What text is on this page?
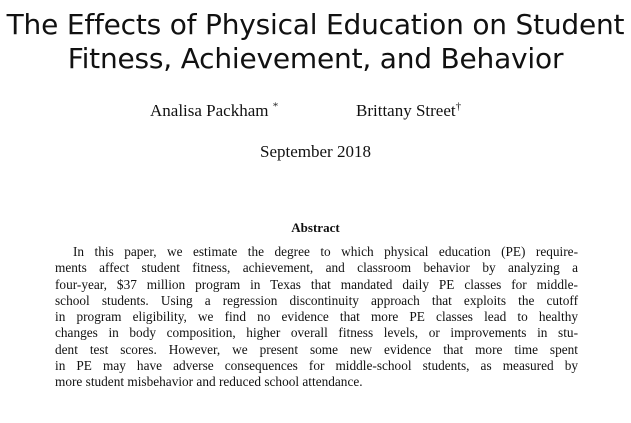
The Effects of Physical Education on Student
Fitness, Achievement, and Behavior
Analisa Packham *	Brittany Street†
September 2018
Abstract
In this paper, we estimate the degree to which physical education (PE) require-
ments affect student fitness, achievement, and classroom behavior by analyzing a
four-year, $37 million program in Texas that mandated daily PE classes for middle-
school students. Using a regression discontinuity approach that exploits the cutoff
in program eligibility, we find no evidence that more PE classes lead to healthy
changes in body composition, higher overall fitness levels, or improvements in stu-
dent test scores. However, we present some new evidence that more time spent
in PE may have adverse consequences for middle-school students, as measured by
more student misbehavior and reduced school attendance.
